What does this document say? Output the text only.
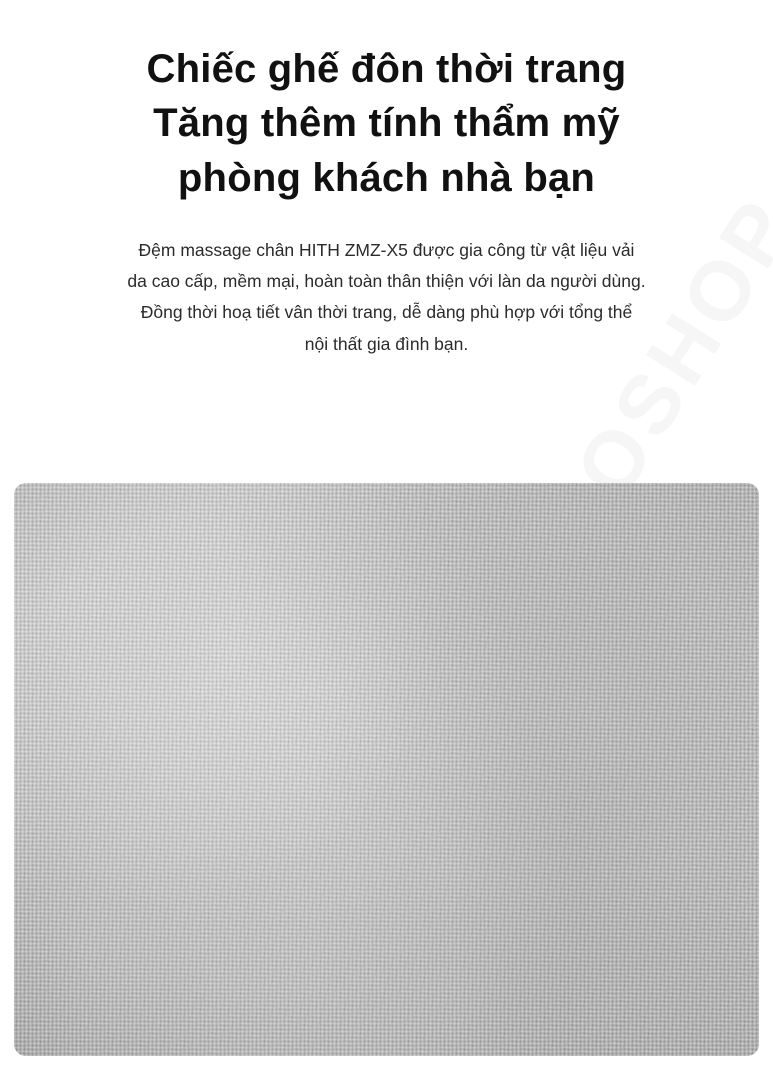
Chiếc ghế đôn thời trang
Tăng thêm tính thẩm mỹ
phòng khách nhà bạn

Đệm massage chân HITH ZMZ-X5 được gia công từ vật liệu vải
da cao cấp, mềm mại, hoàn toàn thân thiện với làn da người dùng.
Đồng thời hoạ tiết vân thời trang, dễ dàng phù hợp với tổng thể
nội thất gia đình bạn.
